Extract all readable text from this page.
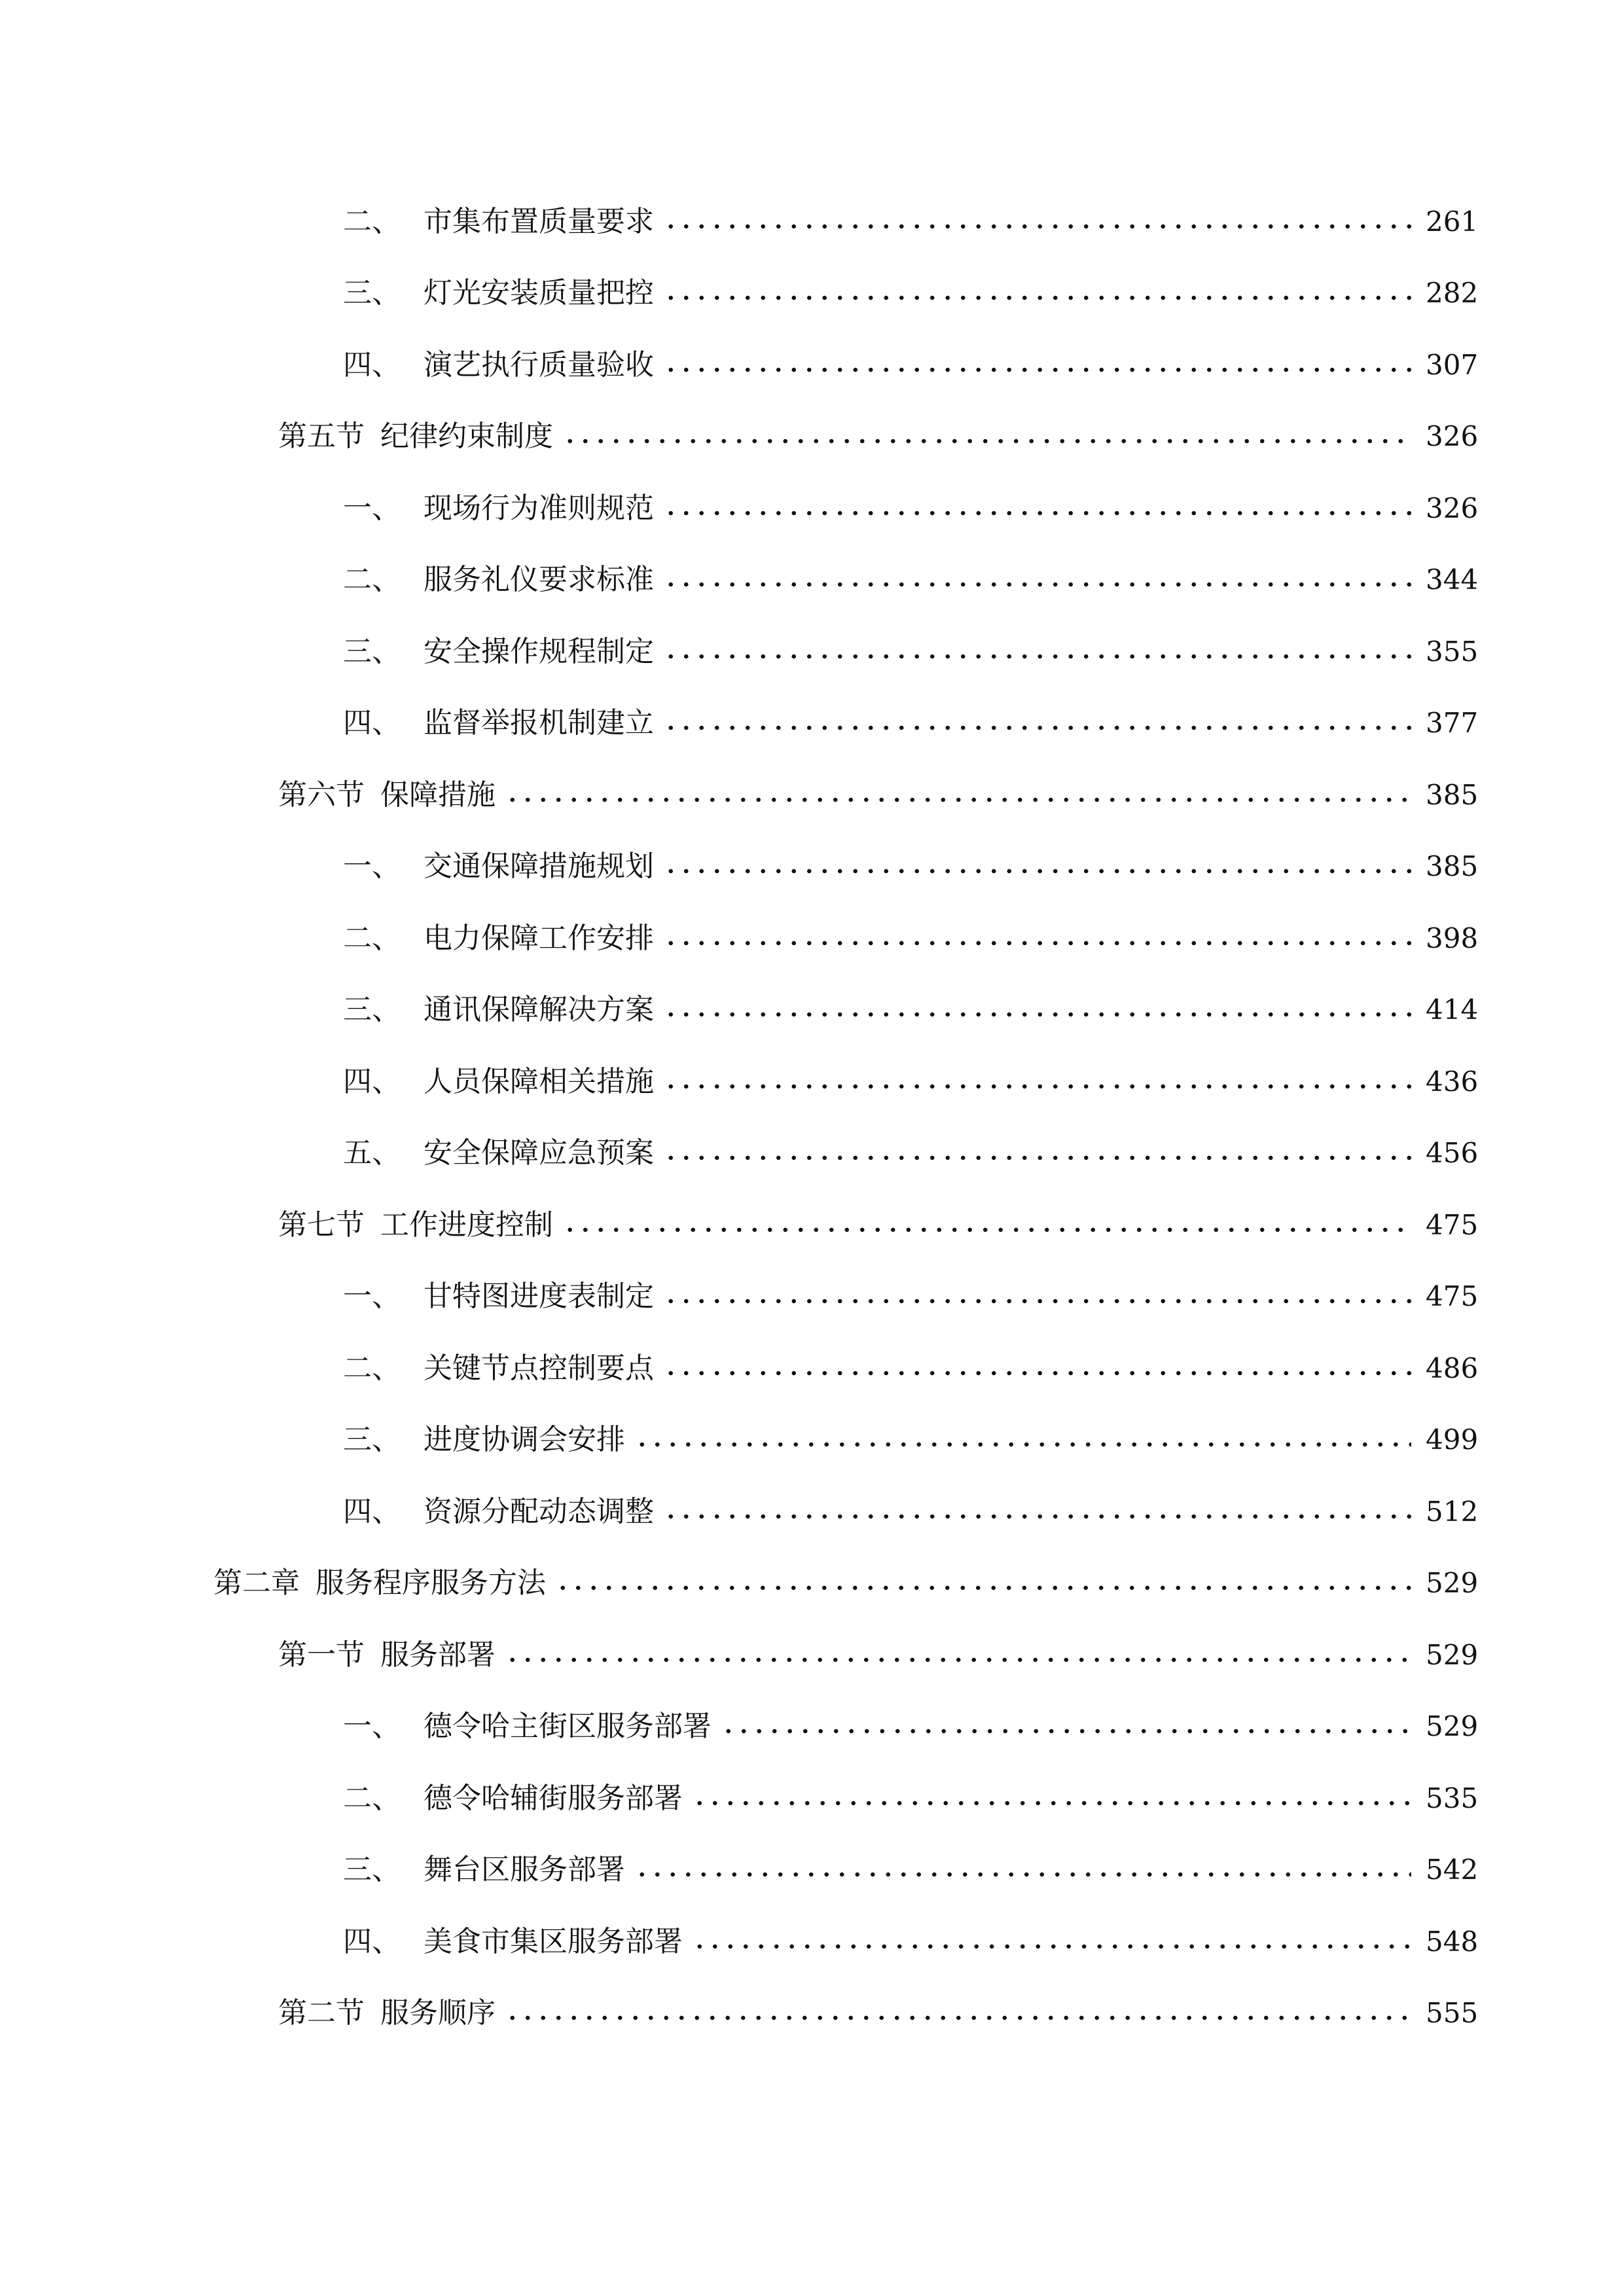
二、 市集布置质量要求	261
三、 灯光安装质量把控	282
四、 演艺执行质量验收	307
第五节 纪律约束制度	326
一、 现场行为准则规范	326
二、 服务礼仪要求标准	344
三、 安全操作规程制定	355
四、 监督举报机制建立	377
第六节 保障措施	385
一、 交通保障措施规划	385
二、 电力保障工作安排	398
三、 通讯保障解决方案	414
四、 人员保障相关措施	436
五、 安全保障应急预案	456
第七节 工作进度控制	475
一、 甘特图进度表制定	475
二、 关键节点控制要点	486
三、 进度协调会安排	499
四、 资源分配动态调整	512
第二章 服务程序服务方法	529
第一节 服务部署	529
一、 德令哈主街区服务部署	529
二、 德令哈辅街服务部署	535
三、 舞台区服务部署	542
四、 美食市集区服务部署	548
第二节 服务顺序	555
